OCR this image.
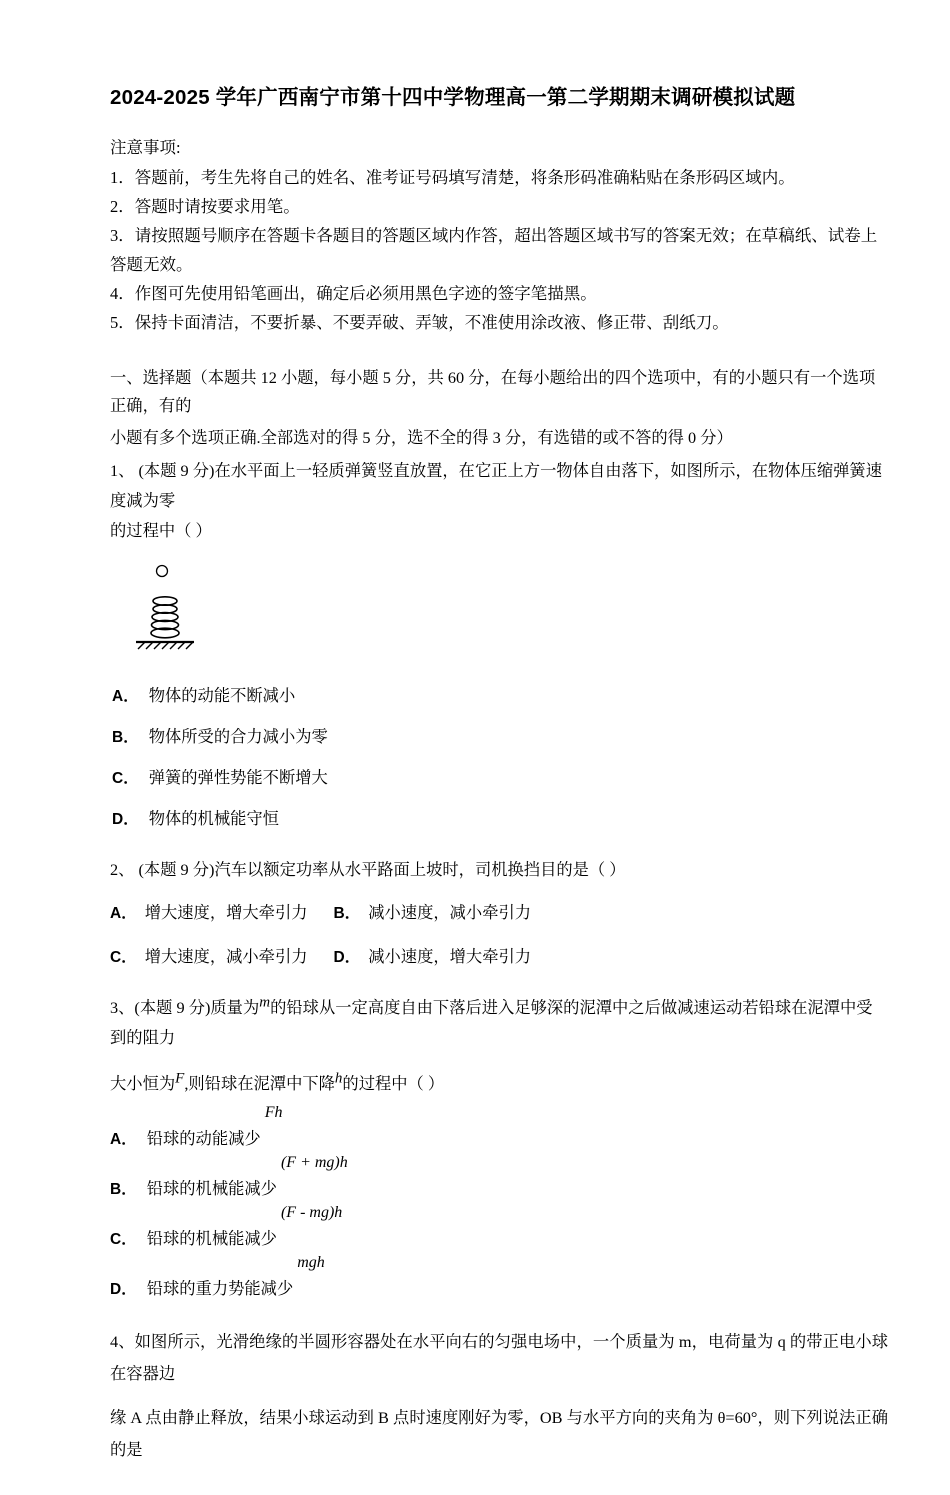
2024-2025 学年广西南宁市第十四中学物理高一第二学期期末调研模拟试题

注意事项:

1．答题前，考生先将自己的姓名、准考证号码填写清楚，将条形码准确粘贴在条形码区域内。

2．答题时请按要求用笔。

3．请按照题号顺序在答题卡各题目的答题区域内作答，超出答题区域书写的答案无效；在草稿纸、试卷上答题无效。

4．作图可先使用铅笔画出，确定后必须用黑色字迹的签字笔描黑。

5．保持卡面清洁，不要折暴、不要弄破、弄皱，不准使用涂改液、修正带、刮纸刀。

一、选择题（本题共 12 小题，每小题 5 分，共 60 分，在每小题给出的四个选项中，有的小题只有一个选项正确，有的

小题有多个选项正确.全部选对的得 5 分，选不全的得 3 分，有选错的或不答的得 0 分）

1、 (本题 9 分)在水平面上一轻质弹簧竖直放置，在它正上方一物体自由落下，如图所示，在物体压缩弹簧速度减为零

的过程中（ ）

A． 物体的动能不断减小

B． 物体所受的合力减小为零

C． 弹簧的弹性势能不断增大

D． 物体的机械能守恒

2、 (本题 9 分)汽车以额定功率从水平路面上坡时，司机换挡目的是（ ）

A． 增大速度，增大牵引力 B． 减小速度，减小牵引力

C． 增大速度，减小牵引力 D． 减小速度，增大牵引力

3、(本题 9 分)质量为m的铅球从一定高度自由下落后进入足够深的泥潭中之后做减速运动若铅球在泥潭中受到的阻力

大小恒为F,则铅球在泥潭中下降h的过程中（ ）

A． 铅球的动能减少
Fh
B． 铅球的机械能减少
(F + mg)h
C． 铅球的机械能减少
(F - mg)h
D． 铅球的重力势能减少
mgh

4、如图所示，光滑绝缘的半圆形容器处在水平向右的匀强电场中，一个质量为 m，电荷量为 q 的带正电小球在容器边

缘 A 点由静止释放，结果小球运动到 B 点时速度刚好为零，OB 与水平方向的夹角为 θ=60°，则下列说法正确的是
